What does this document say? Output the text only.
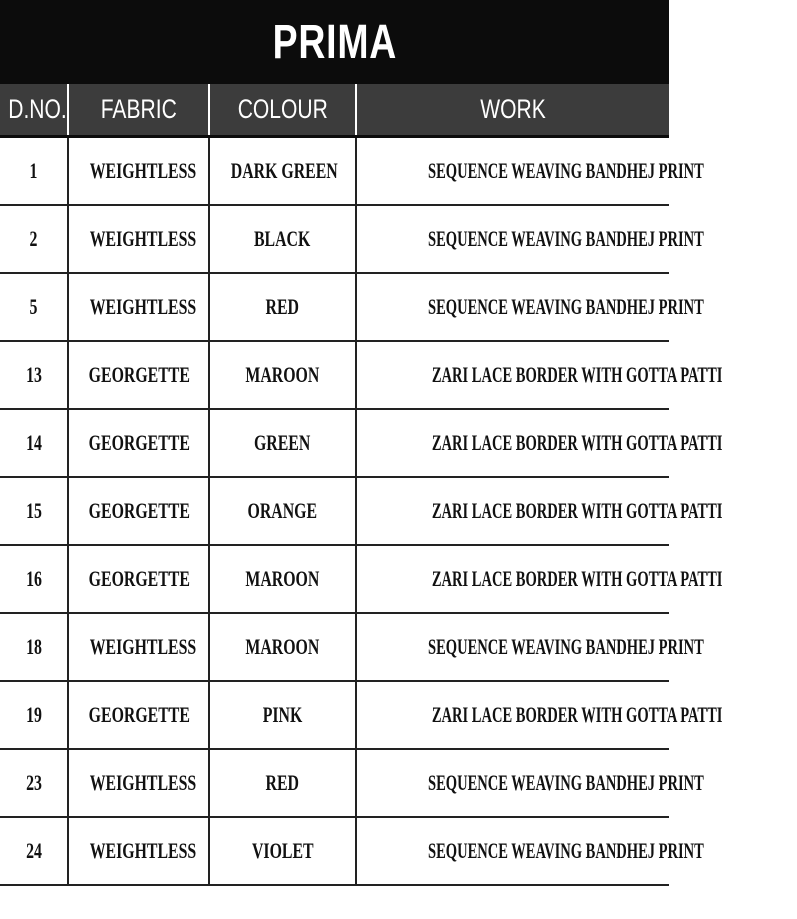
PRIMA
D.NO.	FABRIC	COLOUR	WORK
1	WEIGHTLESS	DARK GREEN	SEQUENCE WEAVING BANDHEJ PRINT
2	WEIGHTLESS	BLACK	SEQUENCE WEAVING BANDHEJ PRINT
5	WEIGHTLESS	RED	SEQUENCE WEAVING BANDHEJ PRINT
13	GEORGETTE	MAROON	ZARI LACE BORDER WITH GOTTA PATTI
14	GEORGETTE	GREEN	ZARI LACE BORDER WITH GOTTA PATTI
15	GEORGETTE	ORANGE	ZARI LACE BORDER WITH GOTTA PATTI
16	GEORGETTE	MAROON	ZARI LACE BORDER WITH GOTTA PATTI
18	WEIGHTLESS	MAROON	SEQUENCE WEAVING BANDHEJ PRINT
19	GEORGETTE	PINK	ZARI LACE BORDER WITH GOTTA PATTI
23	WEIGHTLESS	RED	SEQUENCE WEAVING BANDHEJ PRINT
24	WEIGHTLESS	VIOLET	SEQUENCE WEAVING BANDHEJ PRINT
